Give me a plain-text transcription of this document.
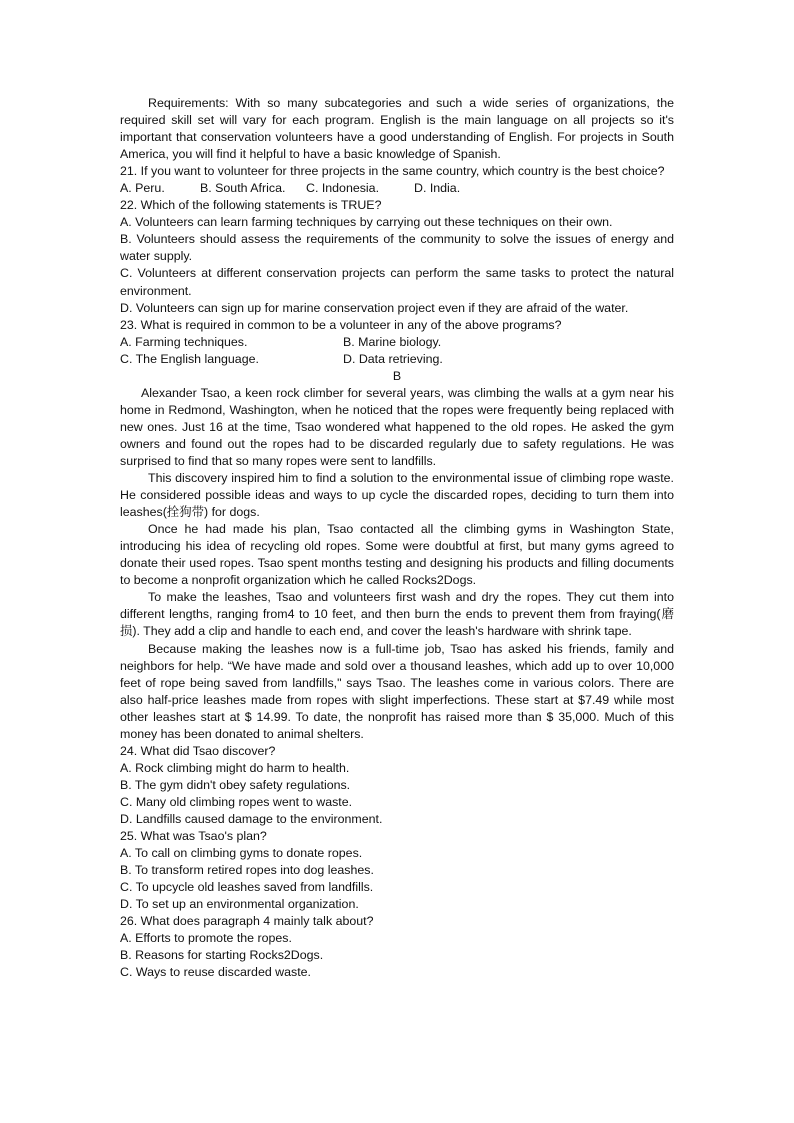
Requirements: With so many subcategories and such a wide series of organizations, the required skill set will vary for each program. English is the main language on all projects so it's important that conservation volunteers have a good understanding of English. For projects in South America, you will find it helpful to have a basic knowledge of Spanish.

21. If you want to volunteer for three projects in the same country, which country is the best choice?

A. Peru.	B. South Africa.	C. Indonesia.	D. India.

22. Which of the following statements is TRUE?

A. Volunteers can learn farming techniques by carrying out these techniques on their own.

B. Volunteers should assess the requirements of the community to solve the issues of energy and water supply.

C. Volunteers at different conservation projects can perform the same tasks to protect the natural environment.

D. Volunteers can sign up for marine conservation project even if they are afraid of the water.

23. What is required in common to be a volunteer in any of the above programs?

A. Farming techniques.	B. Marine biology.
C. The English language.	D. Data retrieving.

B

Alexander Tsao, a keen rock climber for several years, was climbing the walls at a gym near his home in Redmond, Washington, when he noticed that the ropes were frequently being replaced with new ones. Just 16 at the time, Tsao wondered what happened to the old ropes. He asked the gym owners and found out the ropes had to be discarded regularly due to safety regulations. He was surprised to find that so many ropes were sent to landfills.

This discovery inspired him to find a solution to the environmental issue of climbing rope waste. He considered possible ideas and ways to up cycle the discarded ropes, deciding to turn them into leashes(拴狗带) for dogs.

Once he had made his plan, Tsao contacted all the climbing gyms in Washington State, introducing his idea of recycling old ropes. Some were doubtful at first, but many gyms agreed to donate their used ropes. Tsao spent months testing and designing his products and filling documents to become a nonprofit organization which he called Rocks2Dogs.

To make the leashes, Tsao and volunteers first wash and dry the ropes. They cut them into different lengths, ranging from4 to 10 feet, and then burn the ends to prevent them from fraying(磨损). They add a clip and handle to each end, and cover the leash's hardware with shrink tape.

Because making the leashes now is a full-time job, Tsao has asked his friends, family and neighbors for help. “We have made and sold over a thousand leashes, which add up to over 10,000 feet of rope being saved from landfills," says Tsao. The leashes come in various colors. There are also half-price leashes made from ropes with slight imperfections. These start at $7.49 while most other leashes start at $ 14.99. To date, the nonprofit has raised more than $ 35,000. Much of this money has been donated to animal shelters.

24. What did Tsao discover?

A. Rock climbing might do harm to health.

B. The gym didn't obey safety regulations.

C. Many old climbing ropes went to waste.

D. Landfills caused damage to the environment.

25. What was Tsao's plan?

A. To call on climbing gyms to donate ropes.

B. To transform retired ropes into dog leashes.

C. To upcycle old leashes saved from landfills.

D. To set up an environmental organization.

26. What does paragraph 4 mainly talk about?

A. Efforts to promote the ropes.

B. Reasons for starting Rocks2Dogs.

C. Ways to reuse discarded waste.
